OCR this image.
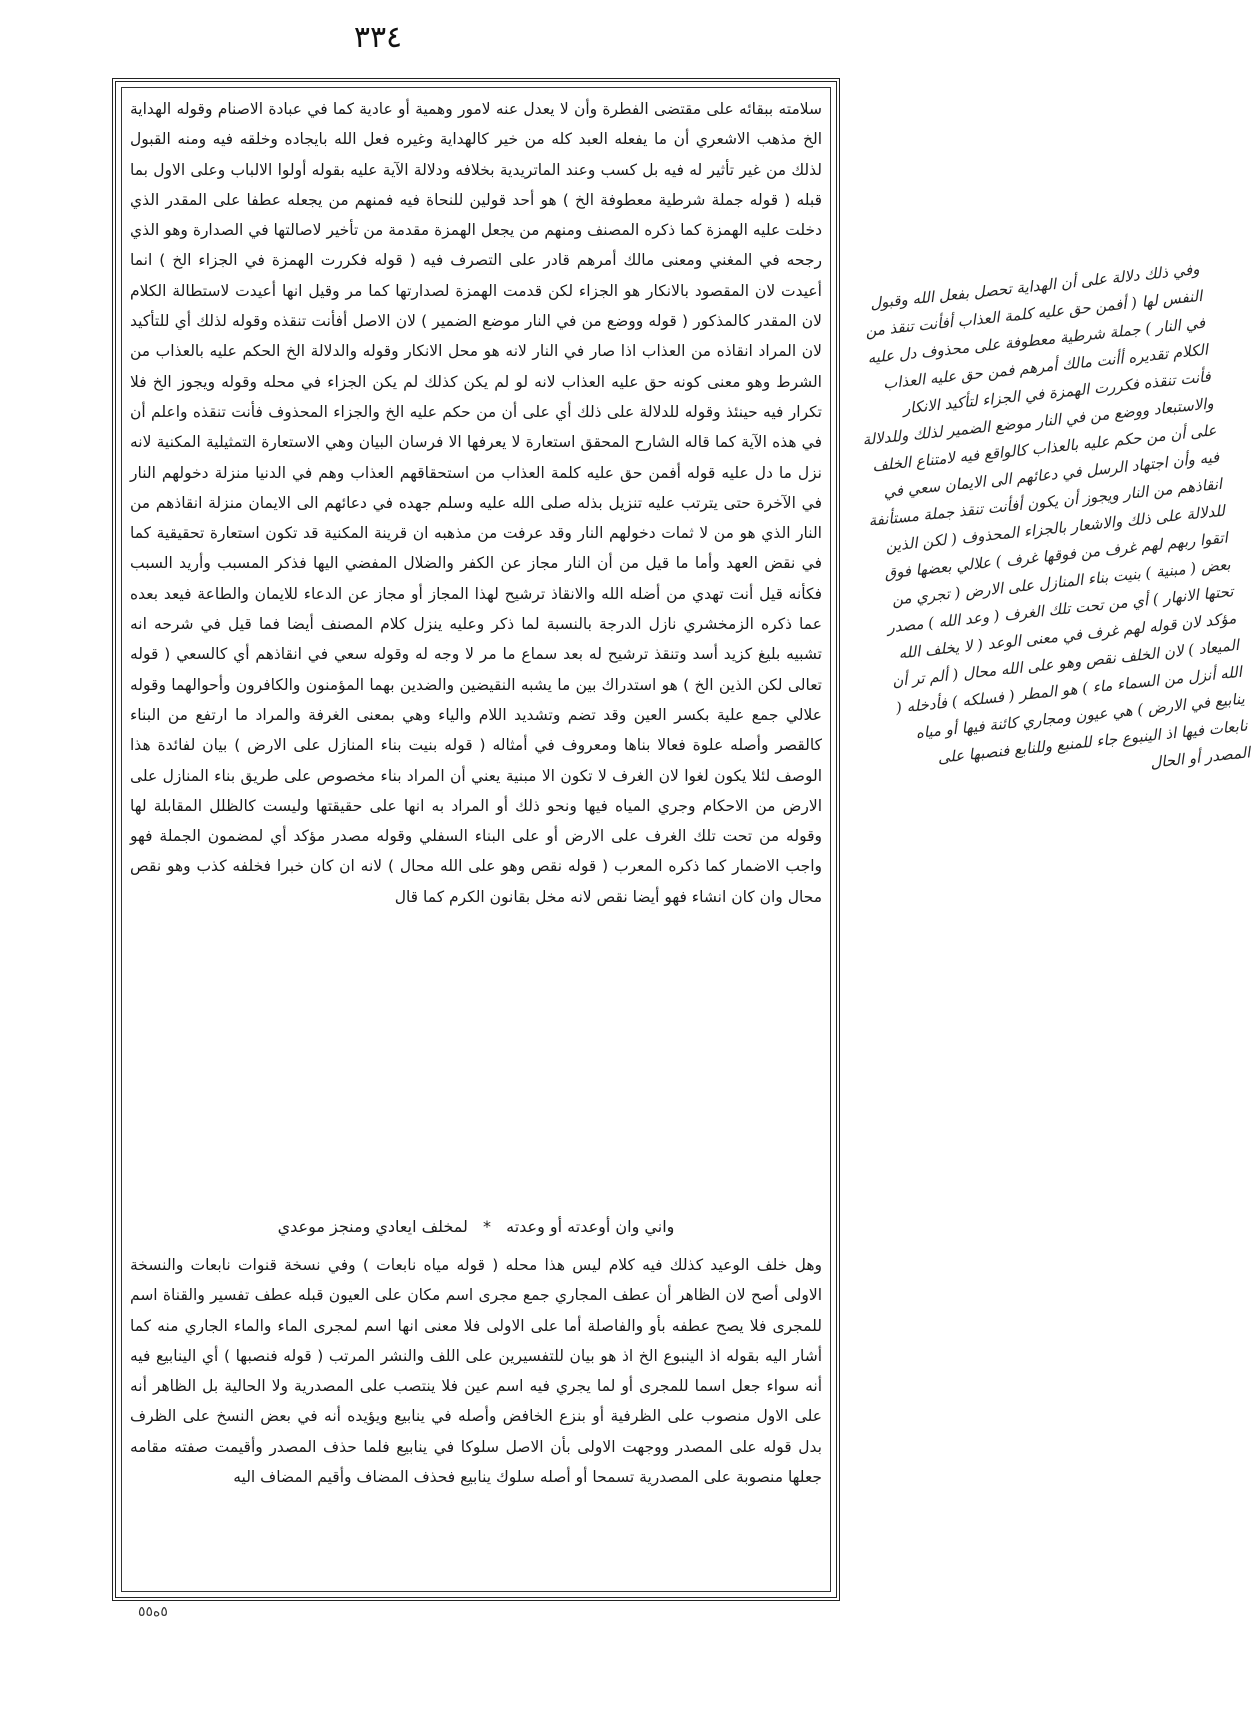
٣٣٤

سلامته ببقائه على مقتضى الفطرة وأن لا يعدل عنه لامور وهمية أو عادية كما في عبادة الاصنام وقوله الهداية الخ مذهب الاشعري أن ما يفعله العبد كله من خير كالهداية وغيره فعل الله بايجاده وخلقه فيه ومنه القبول لذلك من غير تأثير له فيه بل كسب وعند الماتريدية بخلافه ودلالة الآية عليه بقوله أولوا الالباب وعلى الاول بما قبله ( قوله جملة شرطية معطوفة الخ ) هو أحد قولين للنحاة فيه فمنهم من يجعله عطفا على المقدر الذي دخلت عليه الهمزة كما ذكره المصنف ومنهم من يجعل الهمزة مقدمة من تأخير لاصالتها في الصدارة وهو الذي رجحه في المغني ومعنى مالك أمرهم قادر على التصرف فيه ( قوله فكررت الهمزة في الجزاء الخ ) انما أعيدت لان المقصود بالانكار هو الجزاء لكن قدمت الهمزة لصدارتها كما مر وقيل انها أعيدت لاستطالة الكلام لان المقدر كالمذكور ( قوله ووضع من في النار موضع الضمير ) لان الاصل أفأنت تنقذه وقوله لذلك أي للتأكيد لان المراد انقاذه من العذاب اذا صار في النار لانه هو محل الانكار وقوله والدلالة الخ الحكم عليه بالعذاب من الشرط وهو معنى كونه حق عليه العذاب لانه لو لم يكن كذلك لم يكن الجزاء في محله وقوله ويجوز الخ فلا تكرار فيه حينئذ وقوله للدلالة على ذلك أي على أن من حكم عليه الخ والجزاء المحذوف فأنت تنقذه واعلم أن في هذه الآية كما قاله الشارح المحقق استعارة لا يعرفها الا فرسان البيان وهي الاستعارة التمثيلية المكنية لانه نزل ما دل عليه قوله أفمن حق عليه كلمة العذاب من استحقاقهم العذاب وهم في الدنيا منزلة دخولهم النار في الآخرة حتى يترتب عليه تنزيل بذله صلى الله عليه وسلم جهده في دعائهم الى الايمان منزلة انقاذهم من النار الذي هو من لا ثمات دخولهم النار وقد عرفت من مذهبه ان قرينة المكنية قد تكون استعارة تحقيقية كما في نقض العهد وأما ما قيل من أن النار مجاز عن الكفر والضلال المفضي اليها فذكر المسبب وأريد السبب فكأنه قيل أنت تهدي من أضله الله والانقاذ ترشيح لهذا المجاز أو مجاز عن الدعاء للايمان والطاعة فيعد بعده عما ذكره الزمخشري نازل الدرجة بالنسبة لما ذكر وعليه ينزل كلام المصنف أيضا فما قيل في شرحه انه تشبيه بليغ كزيد أسد وتنقذ ترشيح له بعد سماع ما مر لا وجه له وقوله سعي في انقاذهم أي كالسعي ( قوله تعالى لكن الذين الخ ) هو استدراك بين ما يشبه النقيضين والضدين بهما المؤمنون والكافرون وأحوالهما وقوله علالي جمع علية بكسر العين وقد تضم وتشديد اللام والياء وهي بمعنى الغرفة والمراد ما ارتفع من البناء كالقصر وأصله علوة فعالا بناها ومعروف في أمثاله ( قوله بنيت بناء المنازل على الارض ) بيان لفائدة هذا الوصف لئلا يكون لغوا لان الغرف لا تكون الا مبنية يعني أن المراد بناء مخصوص على طريق بناء المنازل على الارض من الاحكام وجري المياه فيها ونحو ذلك أو المراد به انها على حقيقتها وليست كالظلل المقابلة لها وقوله من تحت تلك الغرف على الارض أو على البناء السفلي وقوله مصدر مؤكد أي لمضمون الجملة فهو واجب الاضمار كما ذكره المعرب ( قوله نقص وهو على الله محال ) لانه ان كان خبرا فخلفه كذب وهو نقص محال وان كان انشاء فهو أيضا نقص لانه مخل بقانون الكرم كما قال

واني وان أوعدته أو وعدته * لمخلف ايعادي ومنجز موعدي

وهل خلف الوعيد كذلك فيه كلام ليس هذا محله ( قوله مياه نابعات ) وفي نسخة قنوات نابعات والنسخة الاولى أصح لان الظاهر أن عطف المجاري جمع مجرى اسم مكان على العيون قبله عطف تفسير والقناة اسم للمجرى فلا يصح عطفه بأو والفاصلة أما على الاولى فلا معنى انها اسم لمجرى الماء والماء الجاري منه كما أشار اليه بقوله اذ الينبوع الخ اذ هو بيان للتفسيرين على اللف والنشر المرتب ( قوله فنصبها ) أي الينابيع فيه أنه سواء جعل اسما للمجرى أو لما يجري فيه اسم عين فلا ينتصب على المصدرية ولا الحالية بل الظاهر أنه على الاول منصوب على الظرفية أو بنزع الخافض وأصله في ينابيع ويؤيده أنه في بعض النسخ على الظرف بدل قوله على المصدر ووجهت الاولى بأن الاصل سلوكا في ينابيع فلما حذف المصدر وأقيمت صفته مقامه جعلها منصوبة على المصدرية تسمحا أو أصله سلوك ينابيع فحذف المضاف وأقيم المضاف اليه

٥ه٥٥
وفي ذلك دلالة على أن الهداية تحصل بفعل الله وقبول النفس لها ( أفمن حق عليه كلمة العذاب أفأنت تنقذ من في النار ) جملة شرطية معطوفة على محذوف دل عليه الكلام تقديره أأنت مالك أمرهم فمن حق عليه العذاب فأنت تنقذه فكررت الهمزة في الجزاء لتأكيد الانكار والاستبعاد ووضع من في النار موضع الضمير لذلك وللدلالة على أن من حكم عليه بالعذاب كالواقع فيه لامتناع الخلف فيه وأن اجتهاد الرسل في دعائهم الى الايمان سعي في انقاذهم من النار ويجوز أن يكون أفأنت تنقذ جملة مستأنفة للدلالة على ذلك والاشعار بالجزاء المحذوف ( لكن الذين اتقوا ربهم لهم غرف من فوقها غرف ) علالي بعضها فوق بعض ( مبنية ) بنيت بناء المنازل على الارض ( تجري من تحتها الانهار ) أي من تحت تلك الغرف ( وعد الله ) مصدر مؤكد لان قوله لهم غرف في معنى الوعد ( لا يخلف الله الميعاد ) لان الخلف نقص وهو على الله محال ( ألم تر أن الله أنزل من السماء ماء ) هو المطر ( فسلكه ) فأدخله ( ينابيع في الارض ) هي عيون ومجاري كائنة فيها أو مياه نابعات فيها اذ الينبوع جاء للمنبع وللنابع فنصبها على المصدر أو الحال
